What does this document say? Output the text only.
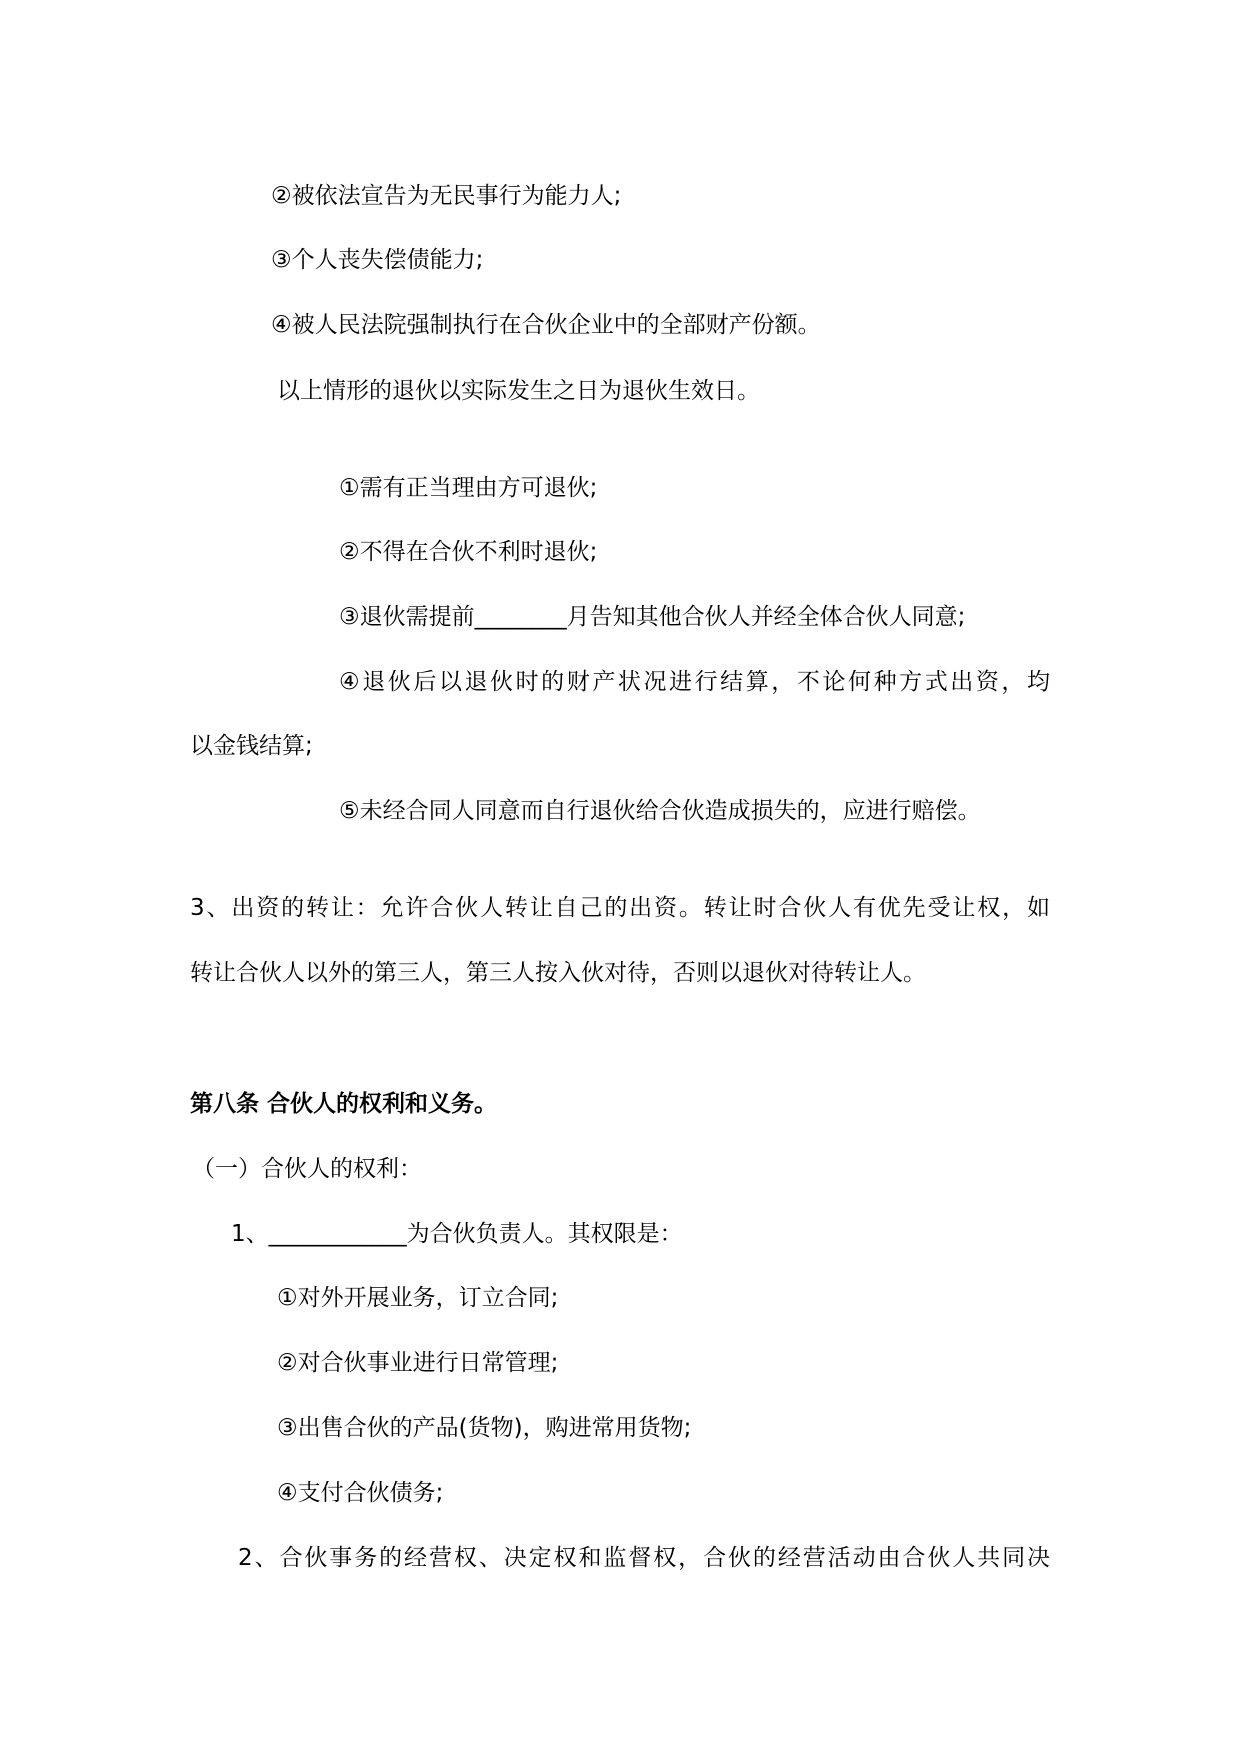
②被依法宣告为无民事行为能力人;
③个人丧失偿债能力;
④被人民法院强制执行在合伙企业中的全部财产份额。
以上情形的退伙以实际发生之日为退伙生效日。
①需有正当理由方可退伙;
②不得在合伙不利时退伙;
③退伙需提前________月告知其他合伙人并经全体合伙人同意;
④退伙后以退伙时的财产状况进行结算，不论何种方式出资，均
以金钱结算;
⑤未经合同人同意而自行退伙给合伙造成损失的，应进行赔偿。
3、出资的转让：允许合伙人转让自己的出资。转让时合伙人有优先受让权，如
转让合伙人以外的第三人，第三人按入伙对待，否则以退伙对待转让人。
第八条 合伙人的权利和义务。
（一）合伙人的权利：
1、____________为合伙负责人。其权限是：
①对外开展业务，订立合同;
②对合伙事业进行日常管理;
③出售合伙的产品(货物)，购进常用货物;
④支付合伙债务;
2、合伙事务的经营权、决定权和监督权，合伙的经营活动由合伙人共同决
